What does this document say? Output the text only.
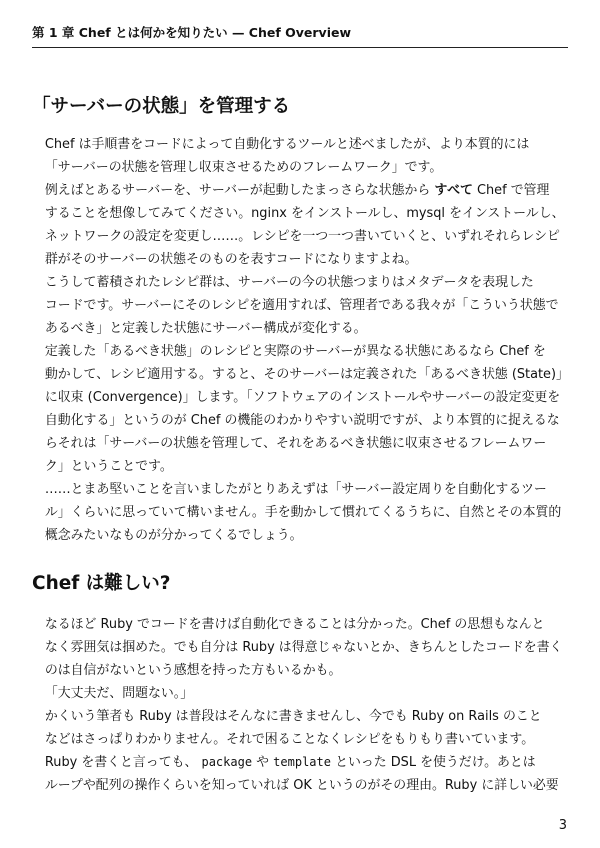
第 1 章 Chef とは何かを知りたい — Chef Overview
「サーバーの状態」を管理する

Chef は手順書をコードによって自動化するツールと述べましたが、より本質的には
「サーバーの状態を管理し収束させるためのフレームワーク」です。

例えばとあるサーバーを、サーバーが起動したまっさらな状態から すべて Chef で管理
することを想像してみてください。nginx をインストールし、mysql をインストールし、
ネットワークの設定を変更し……。レシピを一つ一つ書いていくと、いずれそれらレシピ
群がそのサーバーの状態そのものを表すコードになりますよね。

こうして蓄積されたレシピ群は、サーバーの今の状態つまりはメタデータを表現した
コードです。サーバーにそのレシピを適用すれば、管理者である我々が「こういう状態で
あるべき」と定義した状態にサーバー構成が変化する。

定義した「あるべき状態」のレシピと実際のサーバーが異なる状態にあるなら Chef を
動かして、レシピ適用する。すると、そのサーバーは定義された「あるべき状態 (State)」
に収束 (Convergence)」します。「ソフトウェアのインストールやサーバーの設定変更を
自動化する」というのが Chef の機能のわかりやすい説明ですが、より本質的に捉えるな
らそれは「サーバーの状態を管理して、それをあるべき状態に収束させるフレームワー
ク」ということです。

……とまあ堅いことを言いましたがとりあえずは「サーバー設定周りを自動化するツー
ル」くらいに思っていて構いません。手を動かして慣れてくるうちに、自然とその本質的
概念みたいなものが分かってくるでしょう。

Chef は難しい?

なるほど Ruby でコードを書けば自動化できることは分かった。Chef の思想もなんと
なく雰囲気は掴めた。でも自分は Ruby は得意じゃないとか、きちんとしたコードを書く
のは自信がないという感想を持った方もいるかも。

「大丈夫だ、問題ない。」

かくいう筆者も Ruby は普段はそんなに書きませんし、今でも Ruby on Rails のこと
などはさっぱりわかりません。それで困ることなくレシピをもりもり書いています。

Ruby を書くと言っても、 package や template といった DSL を使うだけ。あとは
ループや配列の操作くらいを知っていれば OK というのがその理由。Ruby に詳しい必要

3
